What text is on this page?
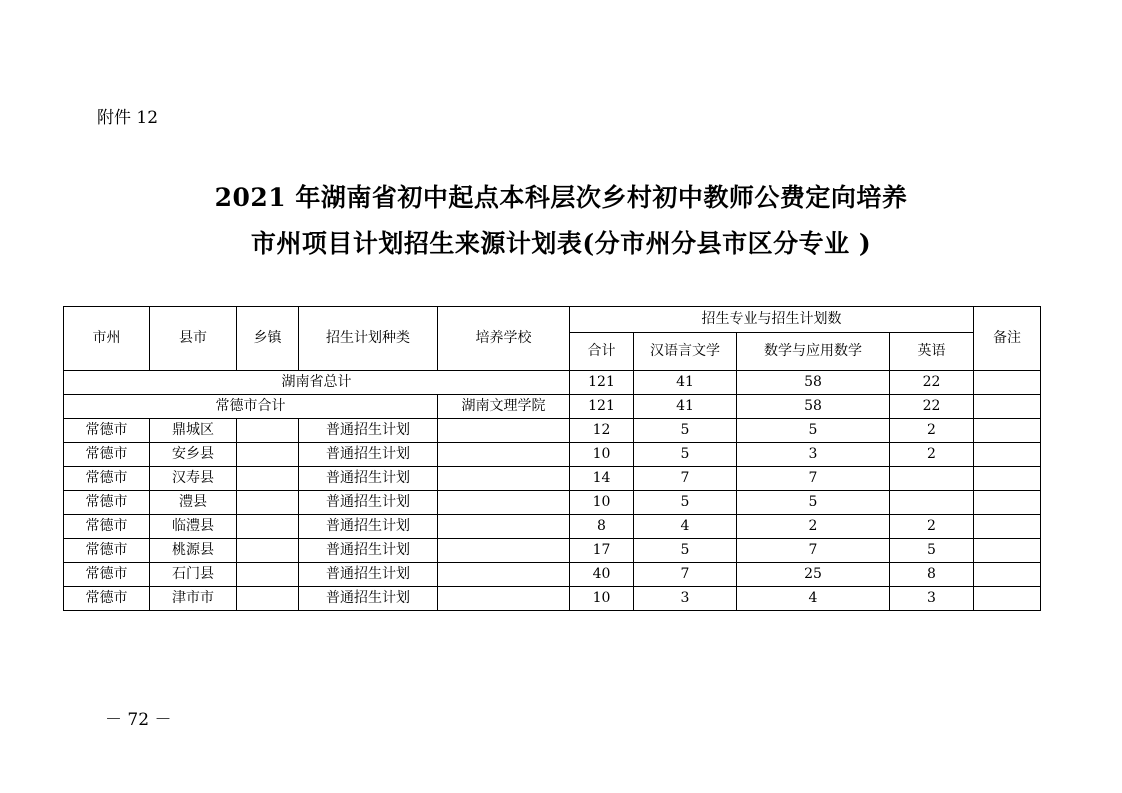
附件 12
2021 年湖南省初中起点本科层次乡村初中教师公费定向培养
市州项目计划招生来源计划表(分市州分县市区分专业 )
市州	县市	乡镇	招生计划种类	培养学校	招生专业与招生计划数				备注
					合计	汉语言文学	数学与应用数学	英语	
湖南省总计					121	41	58	22	
常德市合计				湖南文理学院	121	41	58	22	
常德市	鼎城区		普通招生计划		12	5	5	2	
常德市	安乡县		普通招生计划		10	5	3	2	
常德市	汉寿县		普通招生计划		14	7	7		
常德市	澧县		普通招生计划		10	5	5		
常德市	临澧县		普通招生计划		8	4	2	2	
常德市	桃源县		普通招生计划		17	5	7	5	
常德市	石门县		普通招生计划		40	7	25	8	
常德市	津市市		普通招生计划		10	3	4	3	
－ 72 －
